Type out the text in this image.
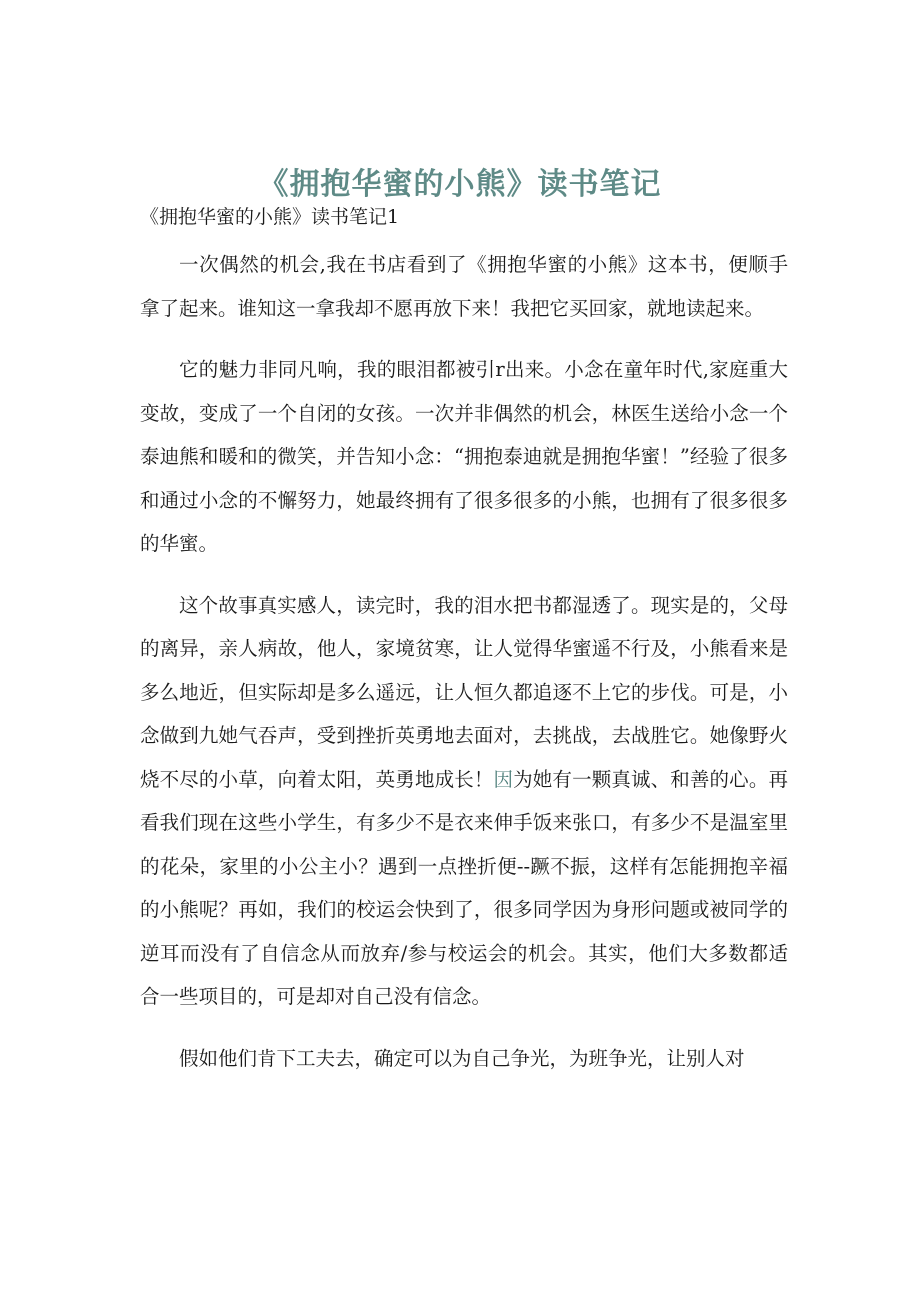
《拥抱华蜜的小熊》读书笔记
《拥抱华蜜的小熊》读书笔记1

一次偶然的机会,我在书店看到了《拥抱华蜜的小熊》这本书，便顺手拿了起来。谁知这一拿我却不愿再放下来！我把它买回家，就地读起来。

它的魅力非同凡响，我的眼泪都被引r出来。小念在童年时代,家庭重大变故，变成了一个自闭的女孩。一次并非偶然的机会，林医生送给小念一个泰迪熊和暖和的微笑，并告知小念：“拥抱泰迪就是拥抱华蜜！”经验了很多和通过小念的不懈努力，她最终拥有了很多很多的小熊，也拥有了很多很多的华蜜。

这个故事真实感人，读完时，我的泪水把书都湿透了。现实是的，父母的离异，亲人病故，他人，家境贫寒，让人觉得华蜜遥不行及，小熊看来是多么地近，但实际却是多么遥远，让人恒久都追逐不上它的步伐。可是，小念做到九她气吞声，受到挫折英勇地去面对，去挑战，去战胜它。她像野火烧不尽的小草，向着太阳，英勇地成长！因为她有一颗真诚、和善的心。再看我们现在这些小学生，有多少不是衣来伸手饭来张口，有多少不是温室里的花朵，家里的小公主小？遇到一点挫折便--蹶不振，这样有怎能拥抱辛福的小熊呢？再如，我们的校运会快到了，很多同学因为身形问题或被同学的逆耳而没有了自信念从而放弃/参与校运会的机会。其实，他们大多数都适合一些项目的，可是却对自己没有信念。

假如他们肯下工夫去，确定可以为自己争光，为班争光，让别人对
